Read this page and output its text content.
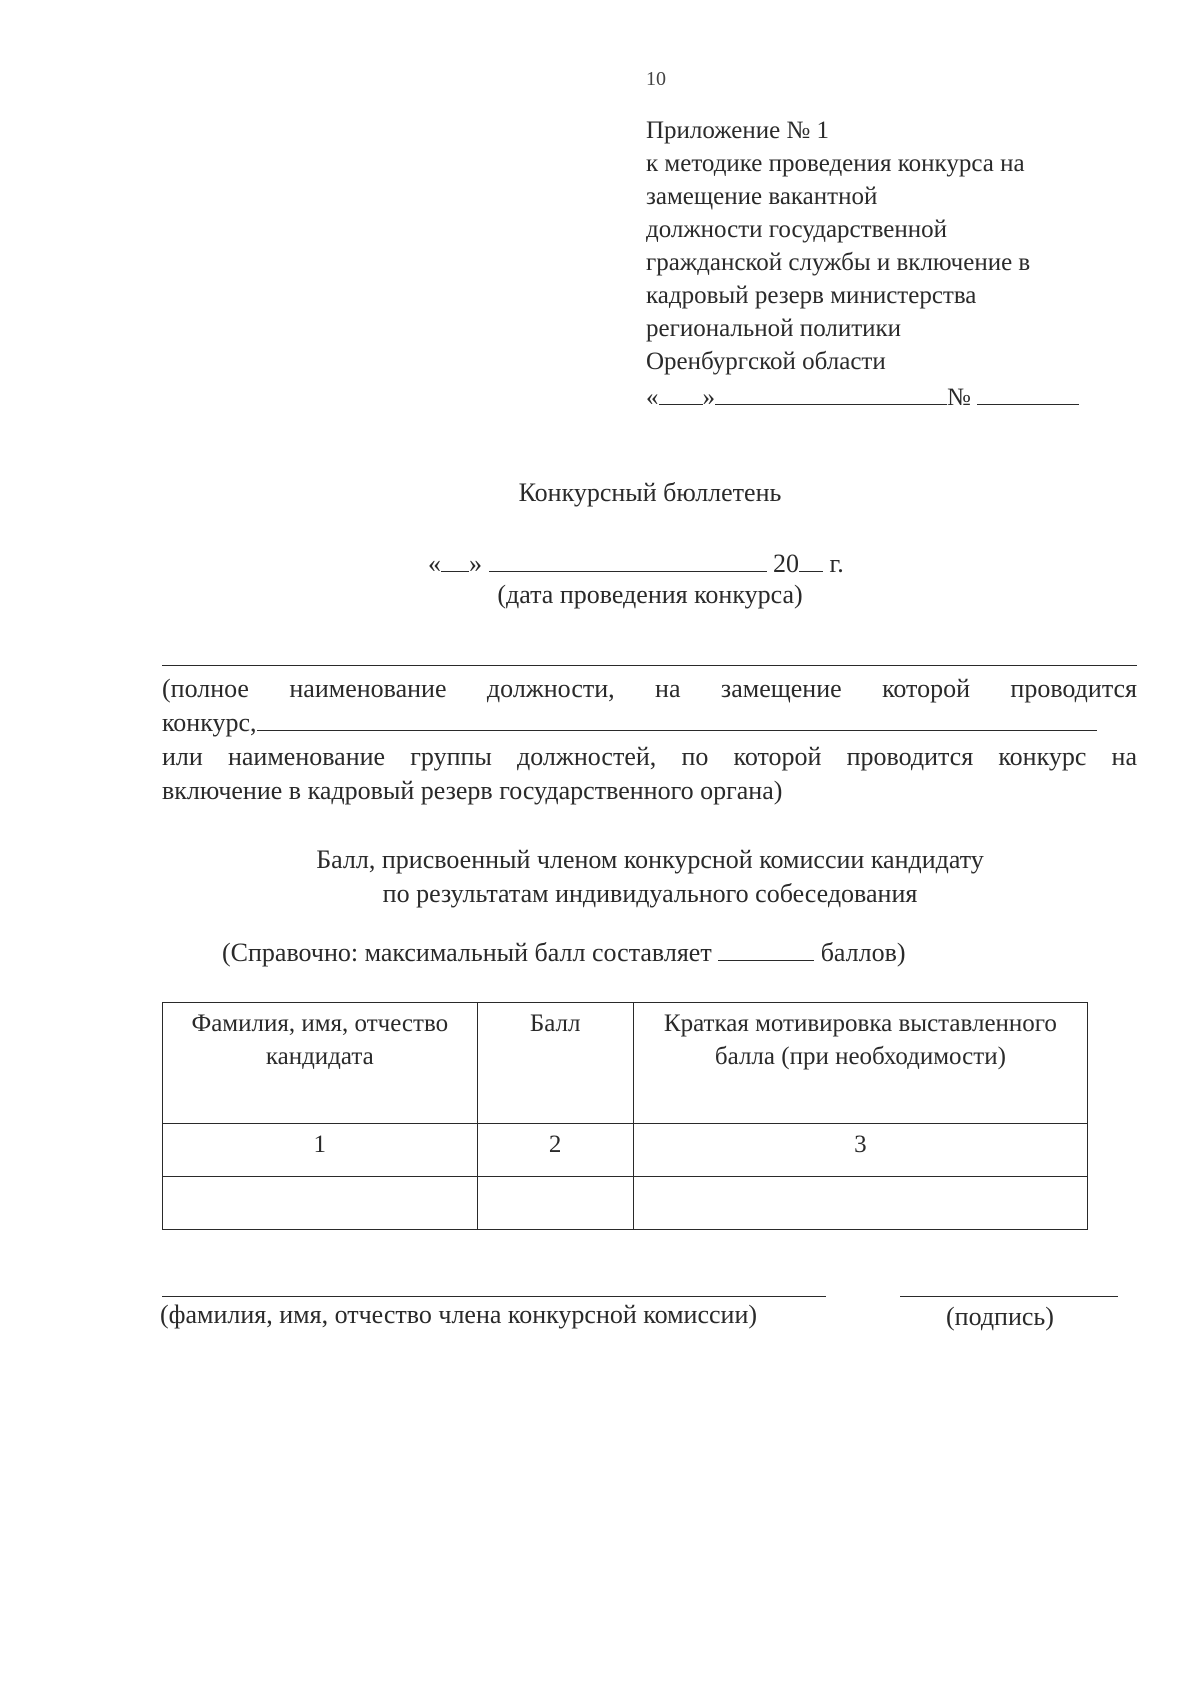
10
Приложение № 1
к методике проведения конкурса на
замещение вакантной
должности государственной
гражданской службы и включение в
кадровый резерв министерства
региональной политики
Оренбургской области
« »	№
Конкурсный бюллетень
« »	20 г.
(дата проведения конкурса)
(полное наименование должности, на замещение которой проводится
конкурс,
или наименование группы должностей, по которой проводится конкурс на
включение в кадровый резерв государственного органа)
Балл, присвоенный членом конкурсной комиссии кандидату
по результатам индивидуального собеседования
(Справочно: максимальный балл составляет	баллов)
Фамилия, имя, отчество кандидата	Балл	Краткая мотивировка выставленного балла (при необходимости)
1	2	3

(фамилия, имя, отчество члена конкурсной комиссии)	(подпись)
